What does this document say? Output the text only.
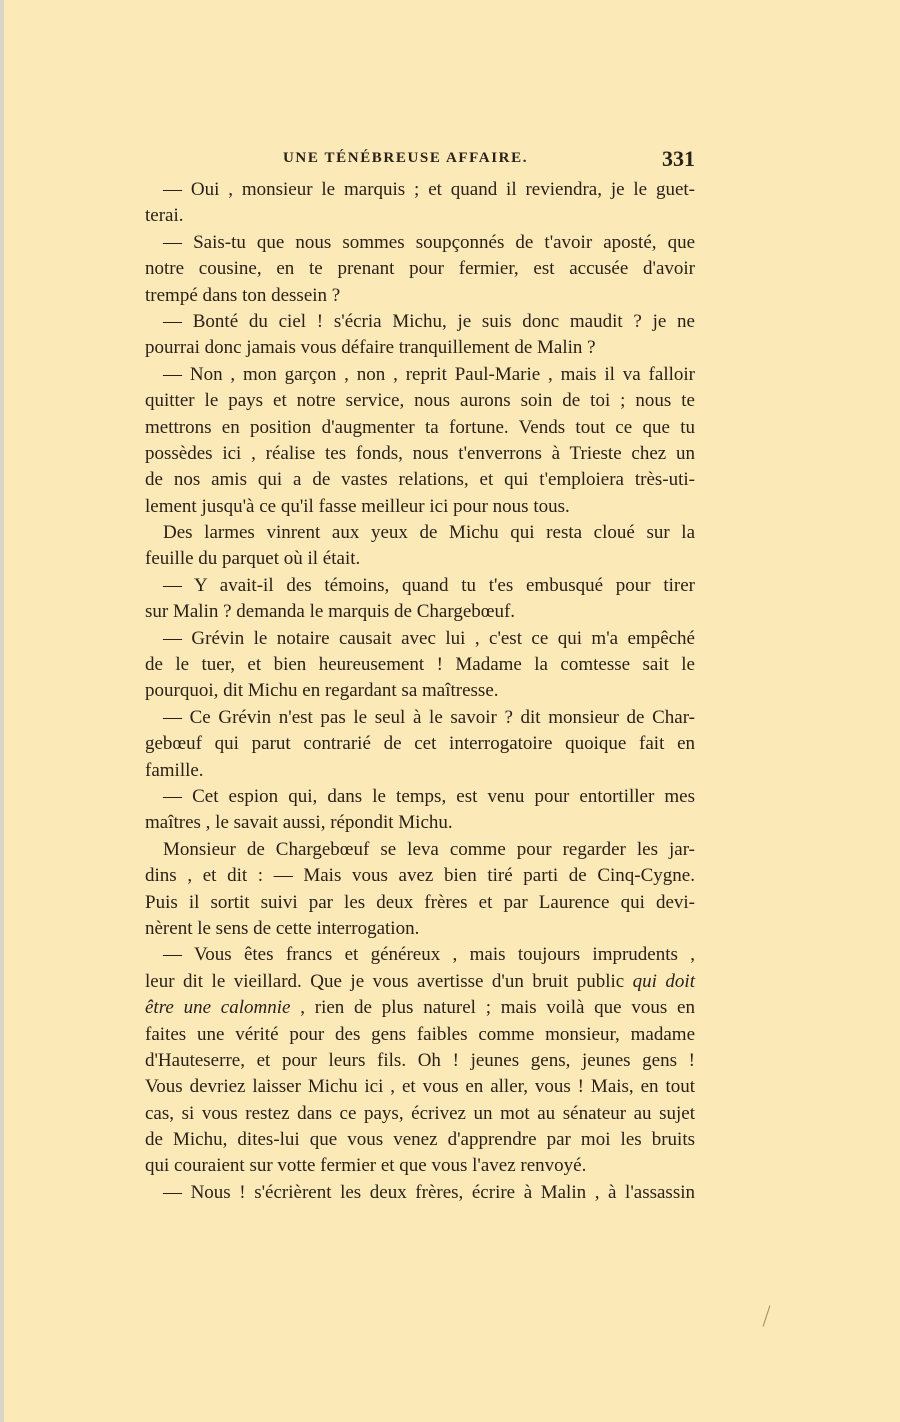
UNE TÉNÉBREUSE AFFAIRE.	331
— Oui , monsieur le marquis ; et quand il reviendra, je le guet-
terai.
— Sais-tu que nous sommes soupçonnés de t'avoir aposté, que
notre cousine, en te prenant pour fermier, est accusée d'avoir
trempé dans ton dessein ?
— Bonté du ciel ! s'écria Michu, je suis donc maudit ? je ne
pourrai donc jamais vous défaire tranquillement de Malin ?
— Non , mon garçon , non , reprit Paul-Marie , mais il va falloir
quitter le pays et notre service, nous aurons soin de toi ; nous te
mettrons en position d'augmenter ta fortune. Vends tout ce que tu
possèdes ici , réalise tes fonds, nous t'enverrons à Trieste chez un
de nos amis qui a de vastes relations, et qui t'emploiera très-uti-
lement jusqu'à ce qu'il fasse meilleur ici pour nous tous.
Des larmes vinrent aux yeux de Michu qui resta cloué sur la
feuille du parquet où il était.
— Y avait-il des témoins, quand tu t'es embusqué pour tirer
sur Malin ? demanda le marquis de Chargebœuf.
— Grévin le notaire causait avec lui , c'est ce qui m'a empêché
de le tuer, et bien heureusement ! Madame la comtesse sait le
pourquoi, dit Michu en regardant sa maîtresse.
— Ce Grévin n'est pas le seul à le savoir ? dit monsieur de Char-
gebœuf qui parut contrarié de cet interrogatoire quoique fait en
famille.
— Cet espion qui, dans le temps, est venu pour entortiller mes
maîtres , le savait aussi, répondit Michu.
Monsieur de Chargebœuf se leva comme pour regarder les jar-
dins , et dit : — Mais vous avez bien tiré parti de Cinq-Cygne.
Puis il sortit suivi par les deux frères et par Laurence qui devi-
nèrent le sens de cette interrogation.
— Vous êtes francs et généreux , mais toujours imprudents ,
leur dit le vieillard. Que je vous avertisse d'un bruit public qui doit
être une calomnie , rien de plus naturel ; mais voilà que vous en
faites une vérité pour des gens faibles comme monsieur, madame
d'Hauteserre, et pour leurs fils. Oh ! jeunes gens, jeunes gens !
Vous devriez laisser Michu ici , et vous en aller, vous ! Mais, en tout
cas, si vous restez dans ce pays, écrivez un mot au sénateur au sujet
de Michu, dites-lui que vous venez d'apprendre par moi les bruits
qui couraient sur votte fermier et que vous l'avez renvoyé.
— Nous ! s'écrièrent les deux frères, écrire à Malin , à l'assassin
